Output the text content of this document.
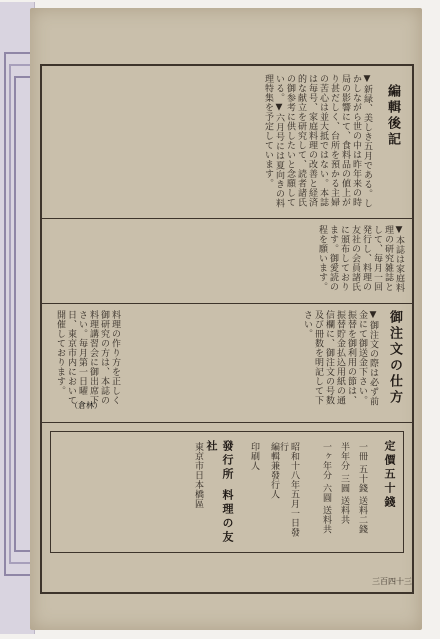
編輯後記
▼新緑、美しき五月である。しかしながら世の中は昨年来の時局の影響にて、食料品の値上がり甚だしく、台所を預かる主婦の苦心は並大抵ではない。本誌は毎号、家庭料理の改善と経済的な献立を研究して、読者諸氏の御参考に供したいと念願している。▼六月号には夏向きの料理特集を予定しています。
▼本誌は家庭料理の研究雑誌として、毎月一回発行し、料理の友社の会員諸氏に頒布しております。御愛読の程を願います。
料理の作り方を正しく御研究の方は、本誌の料理講習会に御出席下さい。毎月第一日曜日、東京市内において開催しております。
（倉林）	御注文の仕方
▼御注文の際は必ず前金にて御送金下さい。振替を御利用の節は、振替貯金払込用紙の通信欄に、御注文の号数及び冊数を明記して下さい。
定價五十錢
一冊 五十錢 送料二錢
半年分 三圓 送料共
一ヶ年分 六圓 送料共
昭和十八年五月一日發行
編輯兼發行人
印刷人
發行所 料理の友社
東京市日本橋區
三百四十三
